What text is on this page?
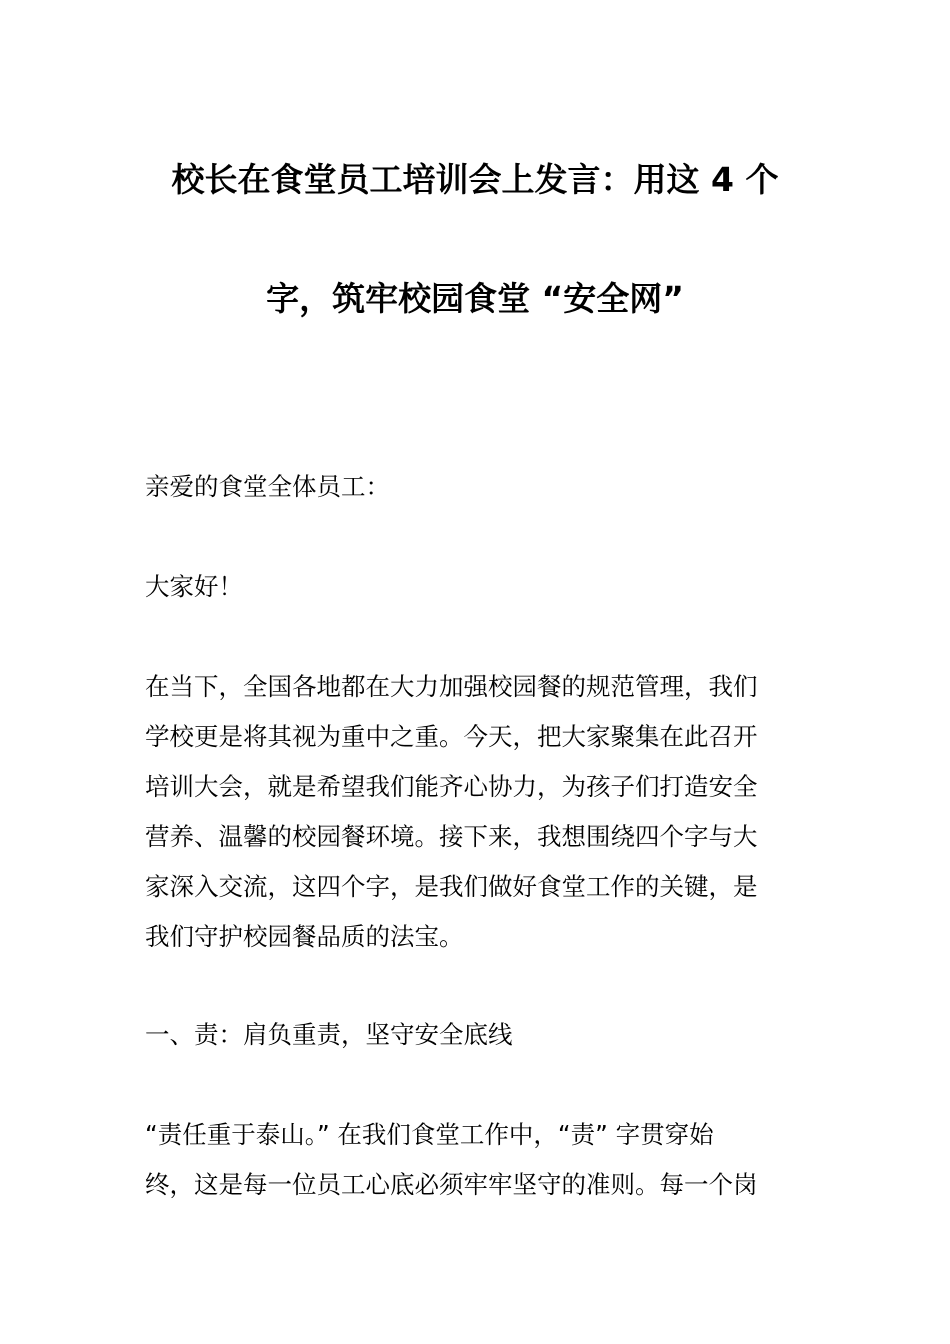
校长在食堂员工培训会上发言：用这 4 个
字，筑牢校园食堂 “安全网”
亲爱的食堂全体员工：
大家好！
在当下，全国各地都在大力加强校园餐的规范管理，我们
学校更是将其视为重中之重。今天，把大家聚集在此召开
培训大会，就是希望我们能齐心协力，为孩子们打造安全
营养、温馨的校园餐环境。接下来，我想围绕四个字与大
家深入交流，这四个字，是我们做好食堂工作的关键，是
我们守护校园餐品质的法宝。
一、责：肩负重责，坚守安全底线
“责任重于泰山。” 在我们食堂工作中，“责” 字贯穿始
终，这是每一位员工心底必须牢牢坚守的准则。每一个岗
